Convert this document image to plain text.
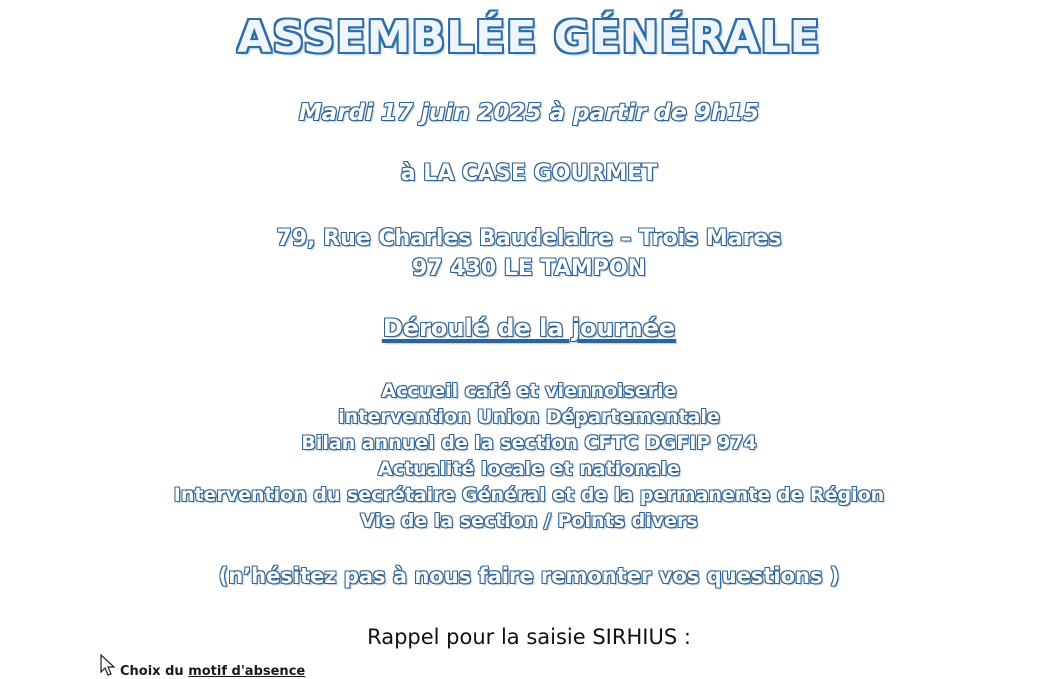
ASSEMBLÉE GÉNÉRALE
Mardi 17 juin 2025 à partir de 9h15
à LA CASE GOURMET
79, Rue Charles Baudelaire – Trois Mares
97 430 LE TAMPON
Déroulé de la journée
Accueil café et viennoiserie
intervention Union Départementale
Bilan annuel de la section CFTC DGFIP 974
Actualité locale et nationale
Intervention du secrétaire Général et de la permanente de Région
Vie de la section / Points divers
(n’hésitez pas à nous faire remonter vos questions )
Rappel pour la saisie SIRHIUS :
Choix du motif d'absence
